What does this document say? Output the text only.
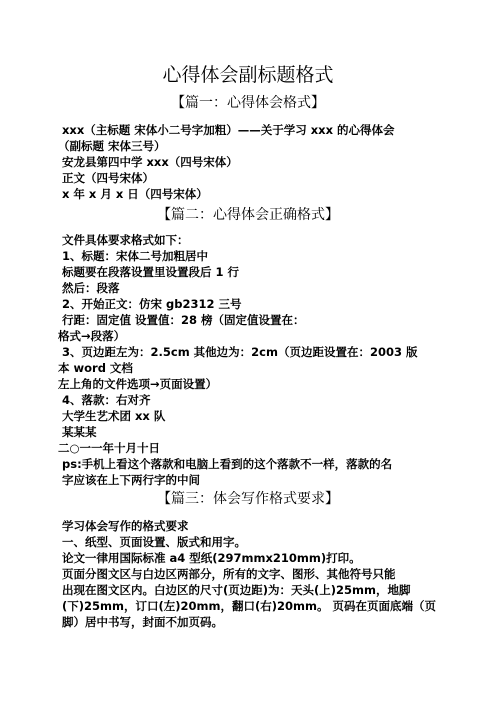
心得体会副标题格式
【篇一：心得体会格式】
xxx（主标题 宋体小二号字加粗）——关于学习 xxx 的心得体会
（副标题 宋体三号）
安龙县第四中学 xxx（四号宋体）
正文（四号宋体）
x 年 x 月 x 日（四号宋体）
【篇二：心得体会正确格式】
文件具体要求格式如下：
1、标题：宋体二号加粗居中
标题要在段落设置里设置段后 1 行
然后：段落
2、开始正文：仿宋 gb2312 三号
行距：固定值 设置值：28 榜（固定值设置在：
格式→段落）
3、页边距左为：2.5cm 其他边为：2cm（页边距设置在：2003 版
本 word 文档
左上角的文件选项→页面设置）
4、落款：右对齐
大学生艺术团 xx 队
某某某
二○一一年十月十日
ps:手机上看这个落款和电脑上看到的这个落款不一样，落款的名
字应该在上下两行字的中间
【篇三：体会写作格式要求】
学习体会写作的格式要求
一、纸型、页面设置、版式和用字。
论文一律用国际标准 a4 型纸(297mmx210mm)打印。
页面分图文区与白边区两部分，所有的文字、图形、其他符号只能
出现在图文区内。白边区的尺寸(页边距)为：天头(上)25mm，地脚
(下)25mm，订口(左)20mm，翻口(右)20mm。 页码在页面底端（页
脚）居中书写，封面不加页码。
